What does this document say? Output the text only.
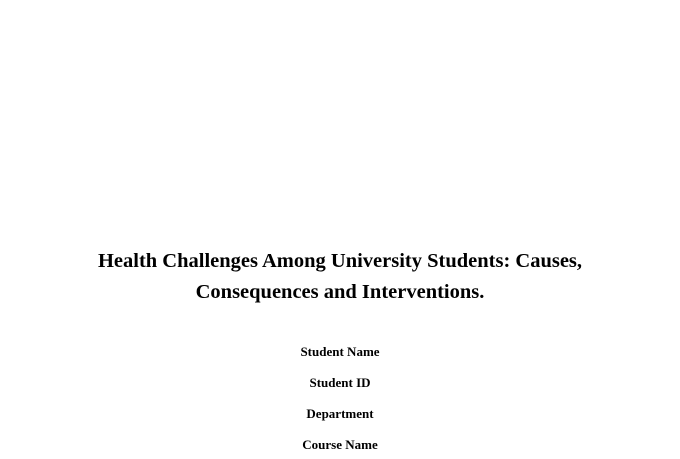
Health Challenges Among University Students: Causes,
Consequences and Interventions.
Student Name
Student ID
Department
Course Name
